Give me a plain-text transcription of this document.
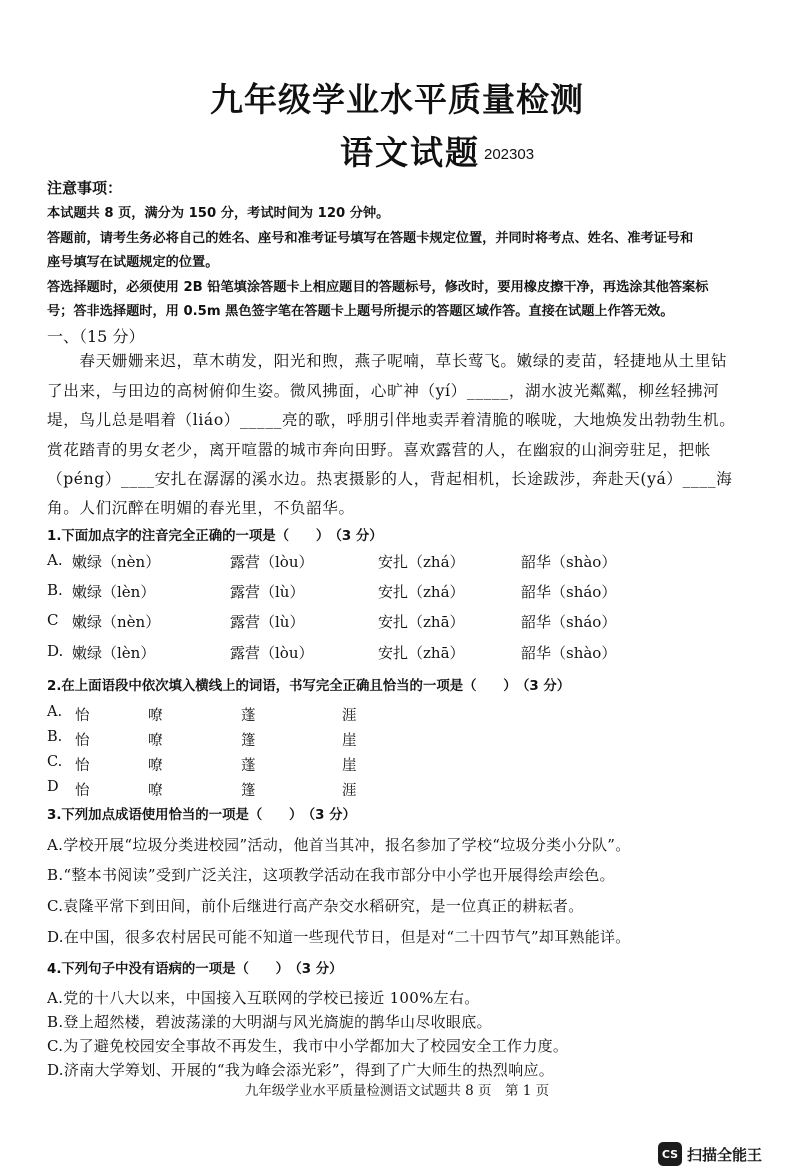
九年级学业水平质量检测
语文试题 202303
注意事项：
本试题共 8 页，满分为 150 分，考试时间为 120 分钟。
答题前，请考生务必将自己的姓名、座号和准考证号填写在答题卡规定位置，并同时将考点、姓名、准考证号和
座号填写在试题规定的位置。
答选择题时，必须使用 2B 铅笔填涂答题卡上相应题目的答题标号，修改时，要用橡皮擦干净，再选涂其他答案标
号；答非选择题时，用 0.5m 黑色签字笔在答题卡上题号所提示的答题区域作答。直接在试题上作答无效。
一、（15 分）
　　春天姗姗来迟，草木萌发，阳光和煦，燕子呢喃，草长莺飞。嫩绿的麦苗，轻捷地从土里钻
了出来，与田边的高树俯仰生姿。微风拂面，心旷神（yí）_____，湖水波光粼粼，柳丝轻拂河
堤，鸟儿总是唱着（liáo）_____亮的歌，呼朋引伴地卖弄着清脆的喉咙，大地焕发出勃勃生机。
赏花踏青的男女老少，离开喧嚣的城市奔向田野。喜欢露营的人，在幽寂的山涧旁驻足，把帐
（péng）____安扎在潺潺的溪水边。热衷摄影的人，背起相机，长途跋涉，奔赴天(yá）____海
角。人们沉醉在明媚的春光里，不负韶华。
1.下面加点字的注音完全正确的一项是（　　） （3 分）
A. 嫩绿（nèn）	露营（lòu）	安扎（zhá）	韶华（shào）
B. 嫩绿（lèn）	露营（lù）	安扎（zhá）	韶华（sháo）
C 嫩绿（nèn）	露营（lù）	安扎（zhā）	韶华（sháo）
D. 嫩绿（lèn）	露营（lòu）	安扎（zhā）	韶华（shào）
2.在上面语段中依次填入横线上的词语，书写完全正确且恰当的一项是（　　） （3 分）
A. 怡	嘹	蓬	涯
B. 怡	嘹	篷	崖
C. 怡	嘹	蓬	崖
D 怡	嘹	篷	涯
3.下列加点成语使用恰当的一项是（　　） （3 分）
A.学校开展“垃圾分类进校园”活动，他首当其冲，报名参加了学校“垃圾分类小分队”。
B.“整本书阅读”受到广泛关注，这项教学活动在我市部分中小学也开展得绘声绘色。
C.袁隆平常下到田间，前仆后继进行高产杂交水稻研究，是一位真正的耕耘者。
D.在中国，很多农村居民可能不知道一些现代节日，但是对“二十四节气”却耳熟能详。
4.下列句子中没有语病的一项是（　　） （3 分）
A.党的十八大以来，中国接入互联网的学校已接近 100%左右。
B.登上超然楼，碧波荡漾的大明湖与风光旖旎的鹊华山尽收眼底。
C.为了避免校园安全事故不再发生，我市中小学都加大了校园安全工作力度。
D.济南大学筹划、开展的“我为峰会添光彩”，得到了广大师生的热烈响应。
九年级学业水平质量检测语文试题共 8 页　第 1 页
CS 扫描全能王
